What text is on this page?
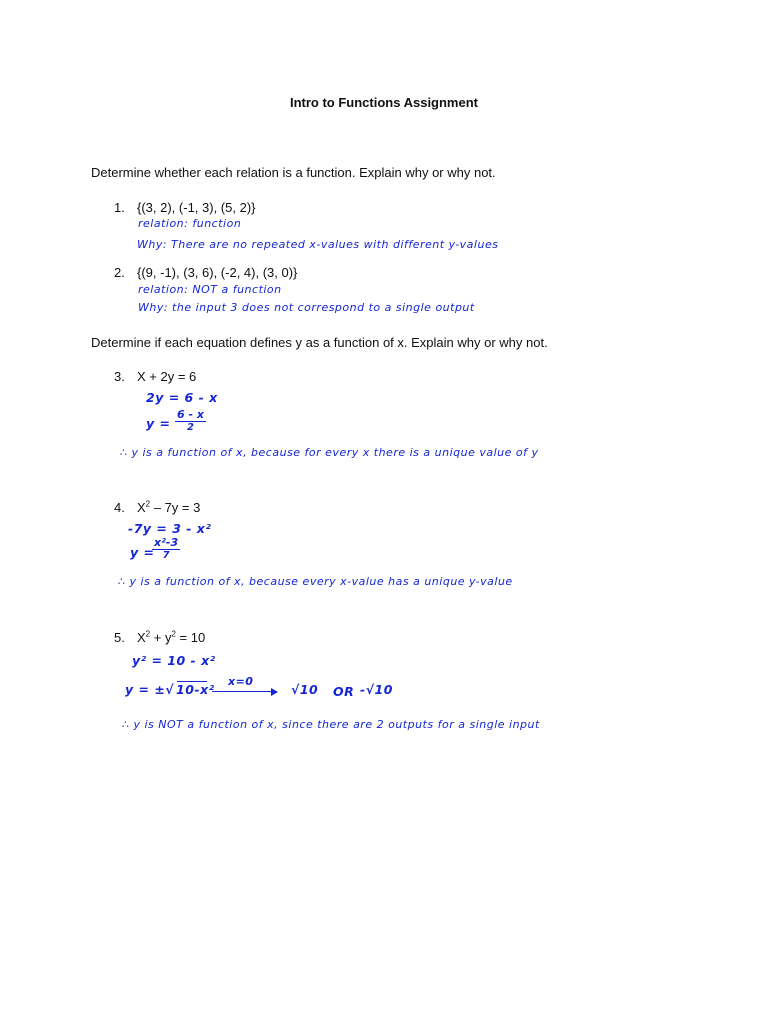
Intro to Functions Assignment
Determine whether each relation is a function. Explain why or why not.
1. {(3, 2), (-1, 3), (5, 2)}
relation: function
Why: There are no repeated x-values with different y-values
2. {(9, -1), (3, 6), (-2, 4), (3, 0)}
relation: NOT a function
Why: the input 3 does not correspond to a single output
Determine if each equation defines y as a function of x. Explain why or why not.
3. X + 2y = 6
2y = 6 - x
$y = \frac{6 - x}{2}$
∴ y is a function of x, because for every x there is a unique value of y
4. $X^2 - 7y = 3$
-7y = 3 - x²
y =
$\frac{\text{x²-3}}{7}$
∴ y is a function of x, because every x-value has a unique y-value
5. $X^2 + y^2 = 10$
y² = 10 - x²
y = ±√ 10-x²
x=0
√10 OR -√10
∴ y is NOT a function of x, since there are 2 outputs for a single input
